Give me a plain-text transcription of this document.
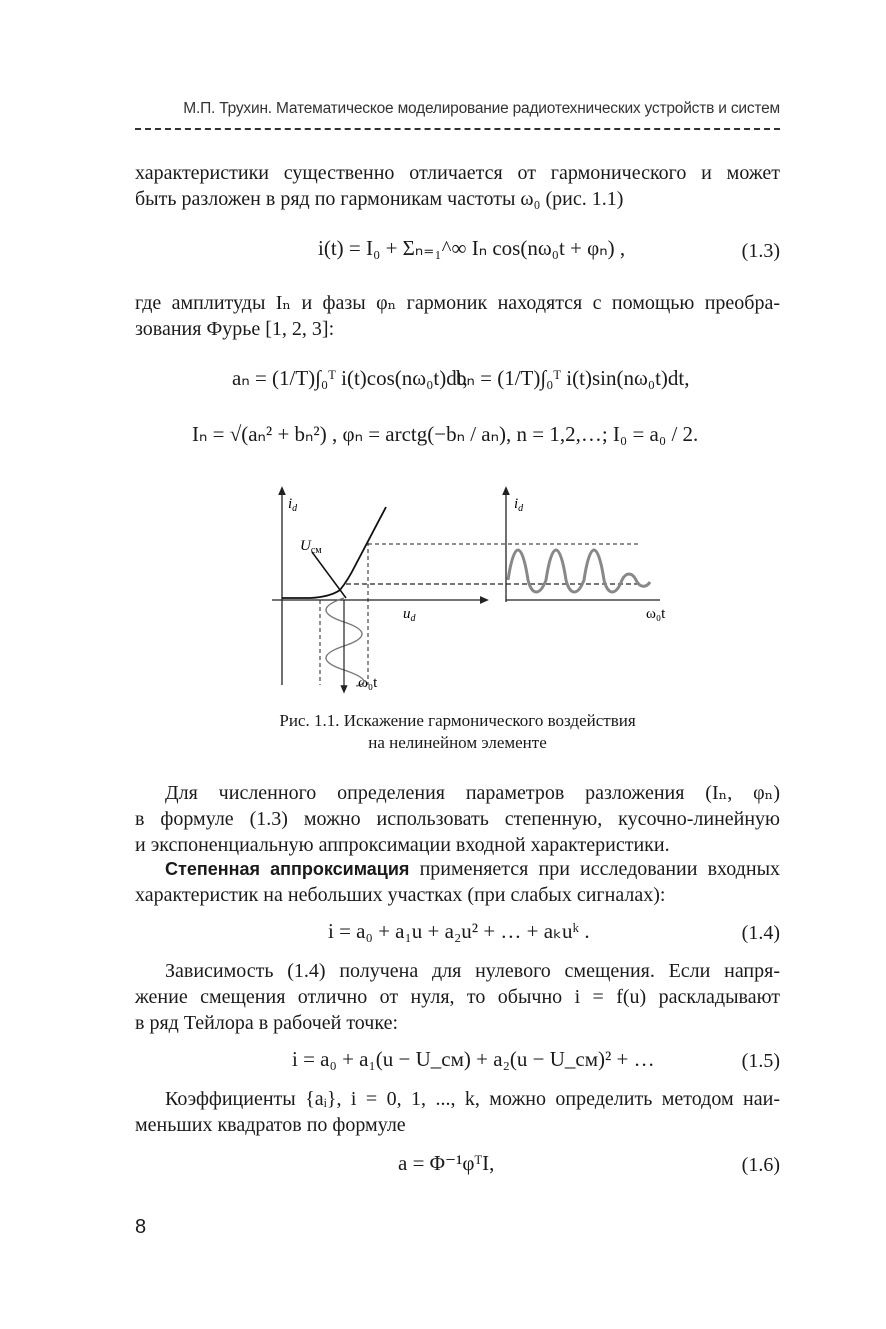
М.П. Трухин. Математическое моделирование радиотехнических устройств и систем
характеристики существенно отличается от гармонического и может
быть разложен в ряд по гармоникам частоты ω₀ (рис. 1.1)
i(t) = I₀ + Σₙ₌₁^∞ Iₙ cos(nω₀t + φₙ) ,	(1.3)
где амплитуды Iₙ и фазы φₙ гармоник находятся с помощью преобра-
зования Фурье [1, 2, 3]:
aₙ = (1/T)∫₀ᵀ i(t)cos(nω₀t)dt,
bₙ = (1/T)∫₀ᵀ i(t)sin(nω₀t)dt,
Iₙ = √(aₙ² + bₙ²) , φₙ = arctg(−bₙ / aₙ), n = 1,2,…; I₀ = a₀ / 2.
$i_d$
$U_{см}$
$u_d$
ω₀t
$i_d$
ω₀t
Рис. 1.1. Искажение гармонического воздействия
на нелинейном элементе
Для численного определения параметров разложения (Iₙ, φₙ)
в формуле (1.3) можно использовать степенную, кусочно-линейную
и экспоненциальную аппроксимации входной характеристики.
Степенная аппроксимация применяется при исследовании входных
характеристик на небольших участках (при слабых сигналах):
i = a₀ + a₁u + a₂u² + … + aₖuᵏ .	(1.4)
Зависимость (1.4) получена для нулевого смещения. Если напря-
жение смещения отлично от нуля, то обычно i = f(u) раскладывают
в ряд Тейлора в рабочей точке:
i = a₀ + a₁(u − U_см) + a₂(u − U_см)² + …	(1.5)
Коэффициенты {aᵢ}, i = 0, 1, ..., k, можно определить методом наи-
меньших квадратов по формуле
a = Φ⁻¹φᵀI,	(1.6)
8
